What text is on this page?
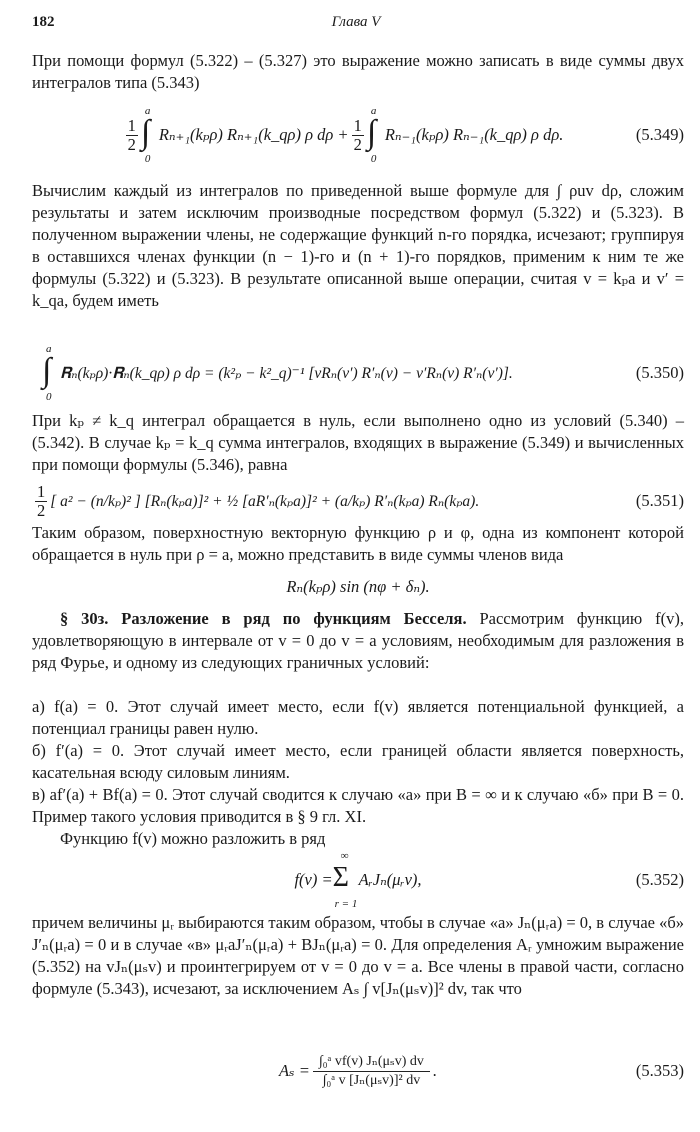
182	Глава V

При помощи формул (5.322) – (5.327) это выражение можно записать в виде суммы двух интегралов типа (5.343)

$\frac{1}{2}$
a
∫
0
Rₙ₊₁(kₚρ) Rₙ₊₁(k_qρ) ρ $d\rho + \frac{1}{2}$
a
∫
0
Rₙ₋₁(kₚρ) Rₙ₋₁(k_qρ) ρ dρ.	(5.349)

Вычислим каждый из интегралов по приведенной выше формуле для ∫ ρuv dρ, сложим результаты и затем исключим производные посредством формул (5.322) и (5.323). В полученном выражении члены, не содержащие функций n-го порядка, исчезают; группируя в оставшихся членах функции (n − 1)-го и (n + 1)-го порядков, применим к ним те же формулы (5.322) и (5.323). В результате описанной выше операции, считая v = kₚa и v′ = k_qa, будем иметь

a
∫
0
𝐑ₙ(kₚρ)·𝐑ₙ(k_qρ) ρ dρ = (k²ₚ − k²_q)⁻¹ [vRₙ(v′) R′ₙ(v) − v′Rₙ(v) R′ₙ(v′)].	(5.350)

При kₚ ≠ k_q интеграл обращается в нуль, если выполнено одно из условий (5.340) – (5.342). В случае kₚ = k_q сумма интегралов, входящих в выражение (5.349) и вычисленных при помощи формулы (5.346), равна

$\frac{1}{2}$ [ a² − (n/kₚ)² ] [Rₙ(kₚa)]² + ½ [aR′ₙ(kₚa)]² + (a/kₚ) R′ₙ(kₚa) Rₙ(kₚa).	(5.351)

Таким образом, поверхностную векторную функцию ρ и φ, одна из компонент которой обращается в нуль при ρ = a, можно представить в виде суммы членов вида

Rₙ(kₚρ) sin (nφ + δₙ).

§ 30з. Разложение в ряд по функциям Бесселя. Рассмотрим функцию f(v), удовлетворяющую в интервале от v = 0 до v = a условиям, необходимым для разложения в ряд Фурье, и одному из следующих граничных условий:

а) f(a) = 0. Этот случай имеет место, если f(v) является потенциальной функцией, а потенциал границы равен нулю.

б) f′(a) = 0. Этот случай имеет место, если границей области является поверхность, касательная всюду силовым линиям.

в) af′(a) + Bf(a) = 0. Этот случай сводится к случаю «а» при B = ∞ и к случаю «б» при B = 0. Пример такого условия приводится в § 9 гл. XI.

Функцию f(v) можно разложить в ряд

f(v) =
∞
Σ
r = 1
AᵣJₙ(μᵣv),	(5.352)

причем величины μᵣ выбираются таким образом, чтобы в случае «а» Jₙ(μᵣa) = 0, в случае «б» J′ₙ(μᵣa) = 0 и в случае «в» μᵣaJ′ₙ(μᵣa) + BJₙ(μᵣa) = 0. Для определения Aᵣ умножим выражение (5.352) на vJₙ(μₛv) и проинтегрируем от v = 0 до v = a. Все члены в правой части, согласно формуле (5.343), исчезают, за исключением Aₛ ∫ v[Jₙ(μₛv)]² dv, так что

$A_s = \frac{\text{∫₀ᵃ vf(v) Jₙ(μₛv) dv}}{\text{∫₀ᵃ v [Jₙ(μₛv)]² dv}}$ .	(5.353)
